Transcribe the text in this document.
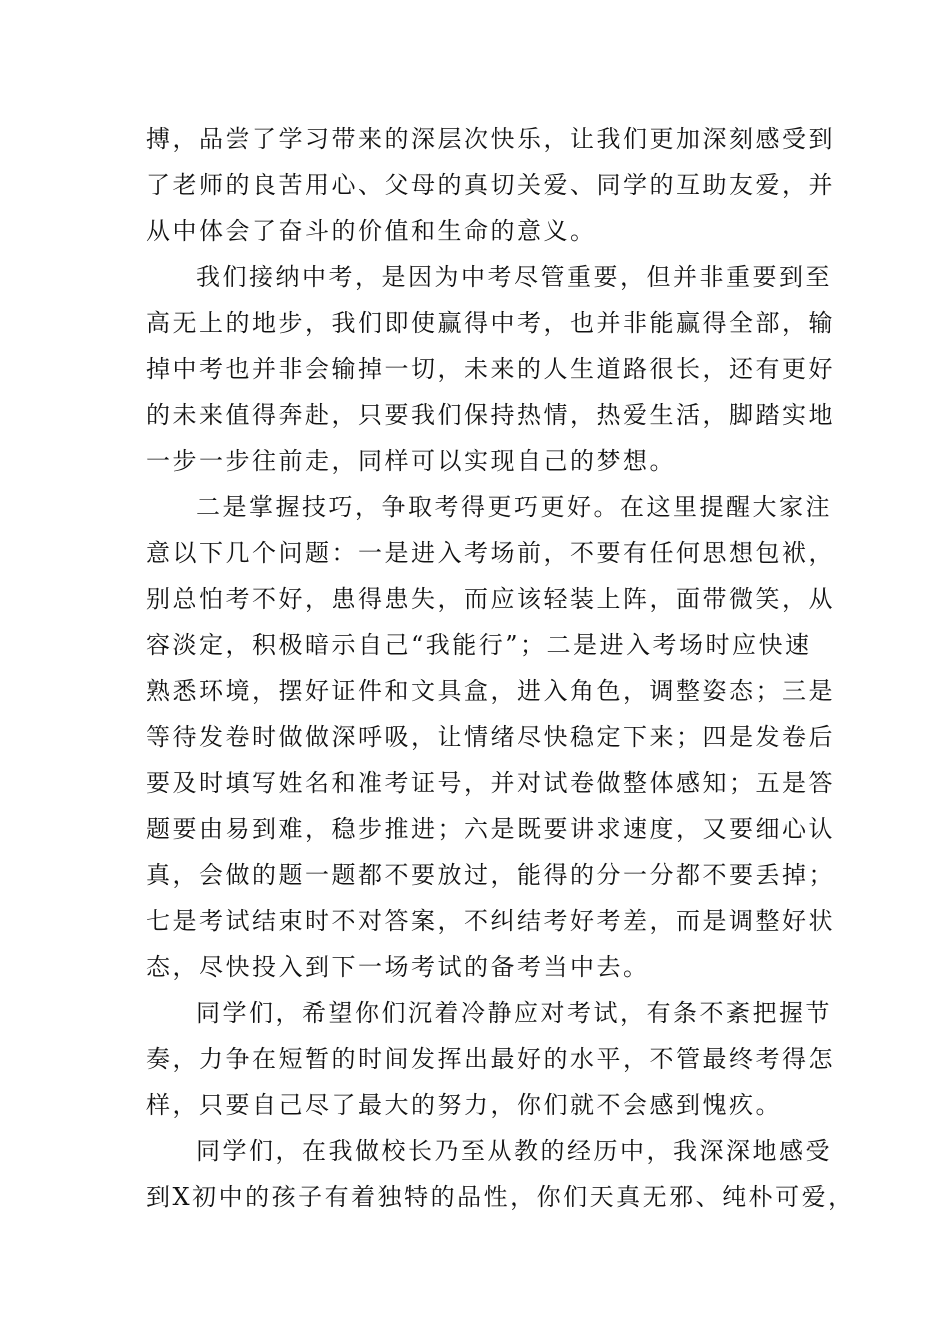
搏，品尝了学习带来的深层次快乐，让我们更加深刻感受到
了老师的良苦用心、父母的真切关爱、同学的互助友爱，并
从中体会了奋斗的价值和生命的意义。
我们接纳中考，是因为中考尽管重要，但并非重要到至
高无上的地步，我们即使赢得中考，也并非能赢得全部，输
掉中考也并非会输掉一切，未来的人生道路很长，还有更好
的未来值得奔赴，只要我们保持热情，热爱生活，脚踏实地
一步一步往前走，同样可以实现自己的梦想。
二是掌握技巧，争取考得更巧更好。在这里提醒大家注
意以下几个问题：一是进入考场前，不要有任何思想包袱，
别总怕考不好，患得患失，而应该轻装上阵，面带微笑，从
容淡定，积极暗示自己“我能行”；二是进入考场时应快速
熟悉环境，摆好证件和文具盒，进入角色，调整姿态；三是
等待发卷时做做深呼吸，让情绪尽快稳定下来；四是发卷后
要及时填写姓名和准考证号，并对试卷做整体感知；五是答
题要由易到难，稳步推进；六是既要讲求速度，又要细心认
真，会做的题一题都不要放过，能得的分一分都不要丢掉；
七是考试结束时不对答案，不纠结考好考差，而是调整好状
态，尽快投入到下一场考试的备考当中去。
同学们，希望你们沉着冷静应对考试，有条不紊把握节
奏，力争在短暂的时间发挥出最好的水平，不管最终考得怎
样，只要自己尽了最大的努力，你们就不会感到愧疚。
同学们，在我做校长乃至从教的经历中，我深深地感受
到X初中的孩子有着独特的品性，你们天真无邪、纯朴可爱，
